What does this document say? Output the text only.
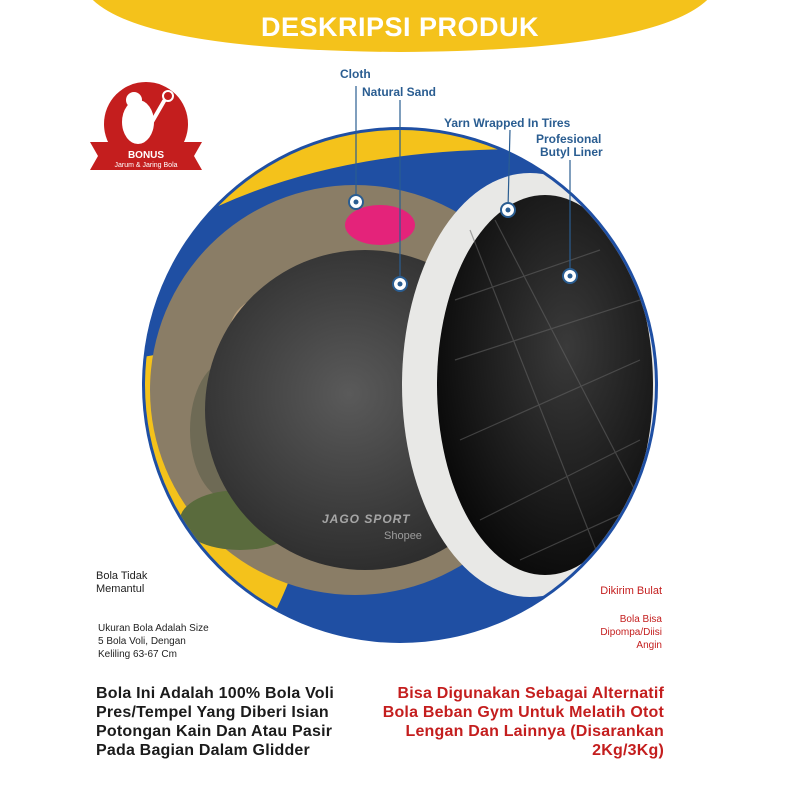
DESKRIPSI PRODUK
JAGO SPORT
Shopee
BONUS
Jarum & Jaring Bola
Cloth
Natural Sand
Yarn Wrapped In Tires
Profesional
Butyl Liner
Bola Tidak
Memantul
Ukuran Bola Adalah Size
5 Bola Voli, Dengan
Keliling 63-67 Cm
Dikirim Bulat
Bola Bisa
Dipompa/Diisi
Angin
Bola Ini Adalah 100% Bola Voli
Pres/Tempel Yang Diberi Isian
Potongan Kain Dan Atau Pasir
Pada Bagian Dalam Glidder
Bisa Digunakan Sebagai Alternatif
Bola Beban Gym Untuk Melatih Otot
Lengan Dan Lainnya (Disarankan
2Kg/3Kg)
